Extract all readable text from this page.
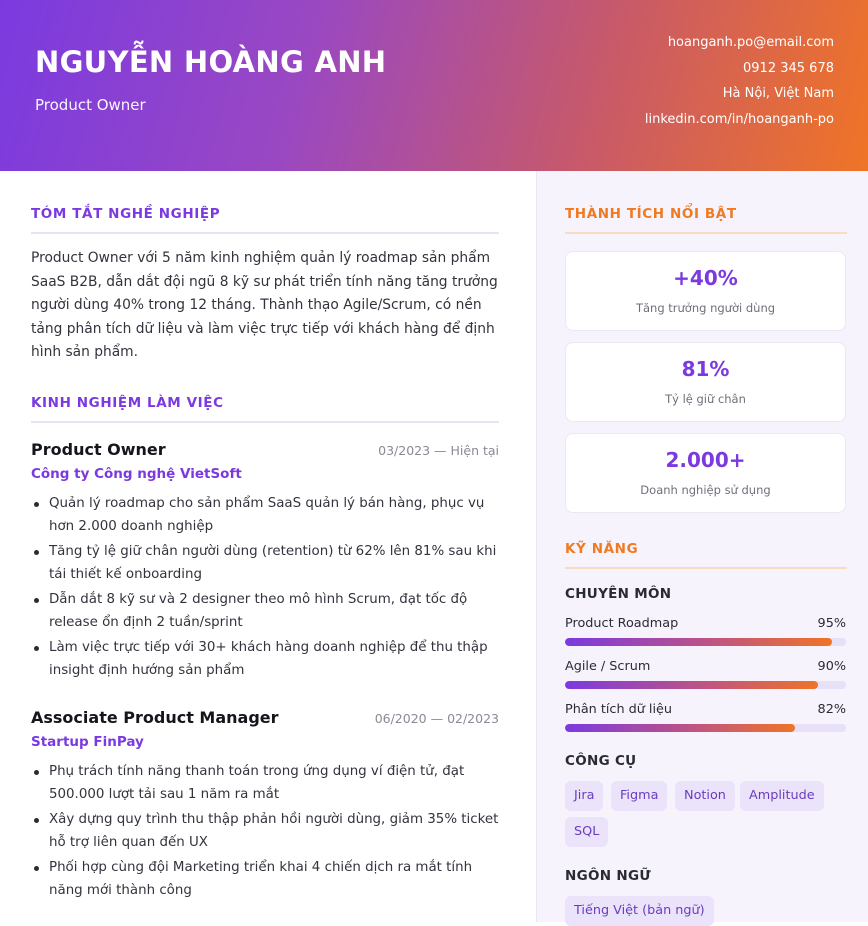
NGUYỄN HOÀNG ANH
Product Owner
hoanganh.po@email.com
0912 345 678
Hà Nội, Việt Nam
linkedin.com/in/hoanganh-po
TÓM TẮT NGHỀ NGHIỆP

Product Owner với 5 năm kinh nghiệm quản lý roadmap sản phẩm SaaS B2B, dẫn dắt đội ngũ 8 kỹ sư phát triển tính năng tăng trưởng người dùng 40% trong 12 tháng. Thành thạo Agile/Scrum, có nền tảng phân tích dữ liệu và làm việc trực tiếp với khách hàng để định hình sản phẩm.

KINH NGHIỆM LÀM VIỆC
Product Owner	03/2023 — Hiện tại
Công ty Công nghệ VietSoft
Quản lý roadmap cho sản phẩm SaaS quản lý bán hàng, phục vụ hơn 2.000 doanh nghiệp
Tăng tỷ lệ giữ chân người dùng (retention) từ 62% lên 81% sau khi tái thiết kế onboarding
Dẫn dắt 8 kỹ sư và 2 designer theo mô hình Scrum, đạt tốc độ release ổn định 2 tuần/sprint
Làm việc trực tiếp với 30+ khách hàng doanh nghiệp để thu thập insight định hướng sản phẩm
Associate Product Manager	06/2020 — 02/2023
Startup FinPay
Phụ trách tính năng thanh toán trong ứng dụng ví điện tử, đạt 500.000 lượt tải sau 1 năm ra mắt
Xây dựng quy trình thu thập phản hồi người dùng, giảm 35% ticket hỗ trợ liên quan đến UX
Phối hợp cùng đội Marketing triển khai 4 chiến dịch ra mắt tính năng mới thành công
THÀNH TÍCH NỔI BẬT
+40%
Tăng trưởng người dùng
81%
Tỷ lệ giữ chân
2.000+
Doanh nghiệp sử dụng
KỸ NĂNG
CHUYÊN MÔN
Product Roadmap	95%
Agile / Scrum	90%
Phân tích dữ liệu	82%
CÔNG CỤ
Jira	Figma	Notion	Amplitude
SQL
NGÔN NGỮ
Tiếng Việt (bản ngữ)
